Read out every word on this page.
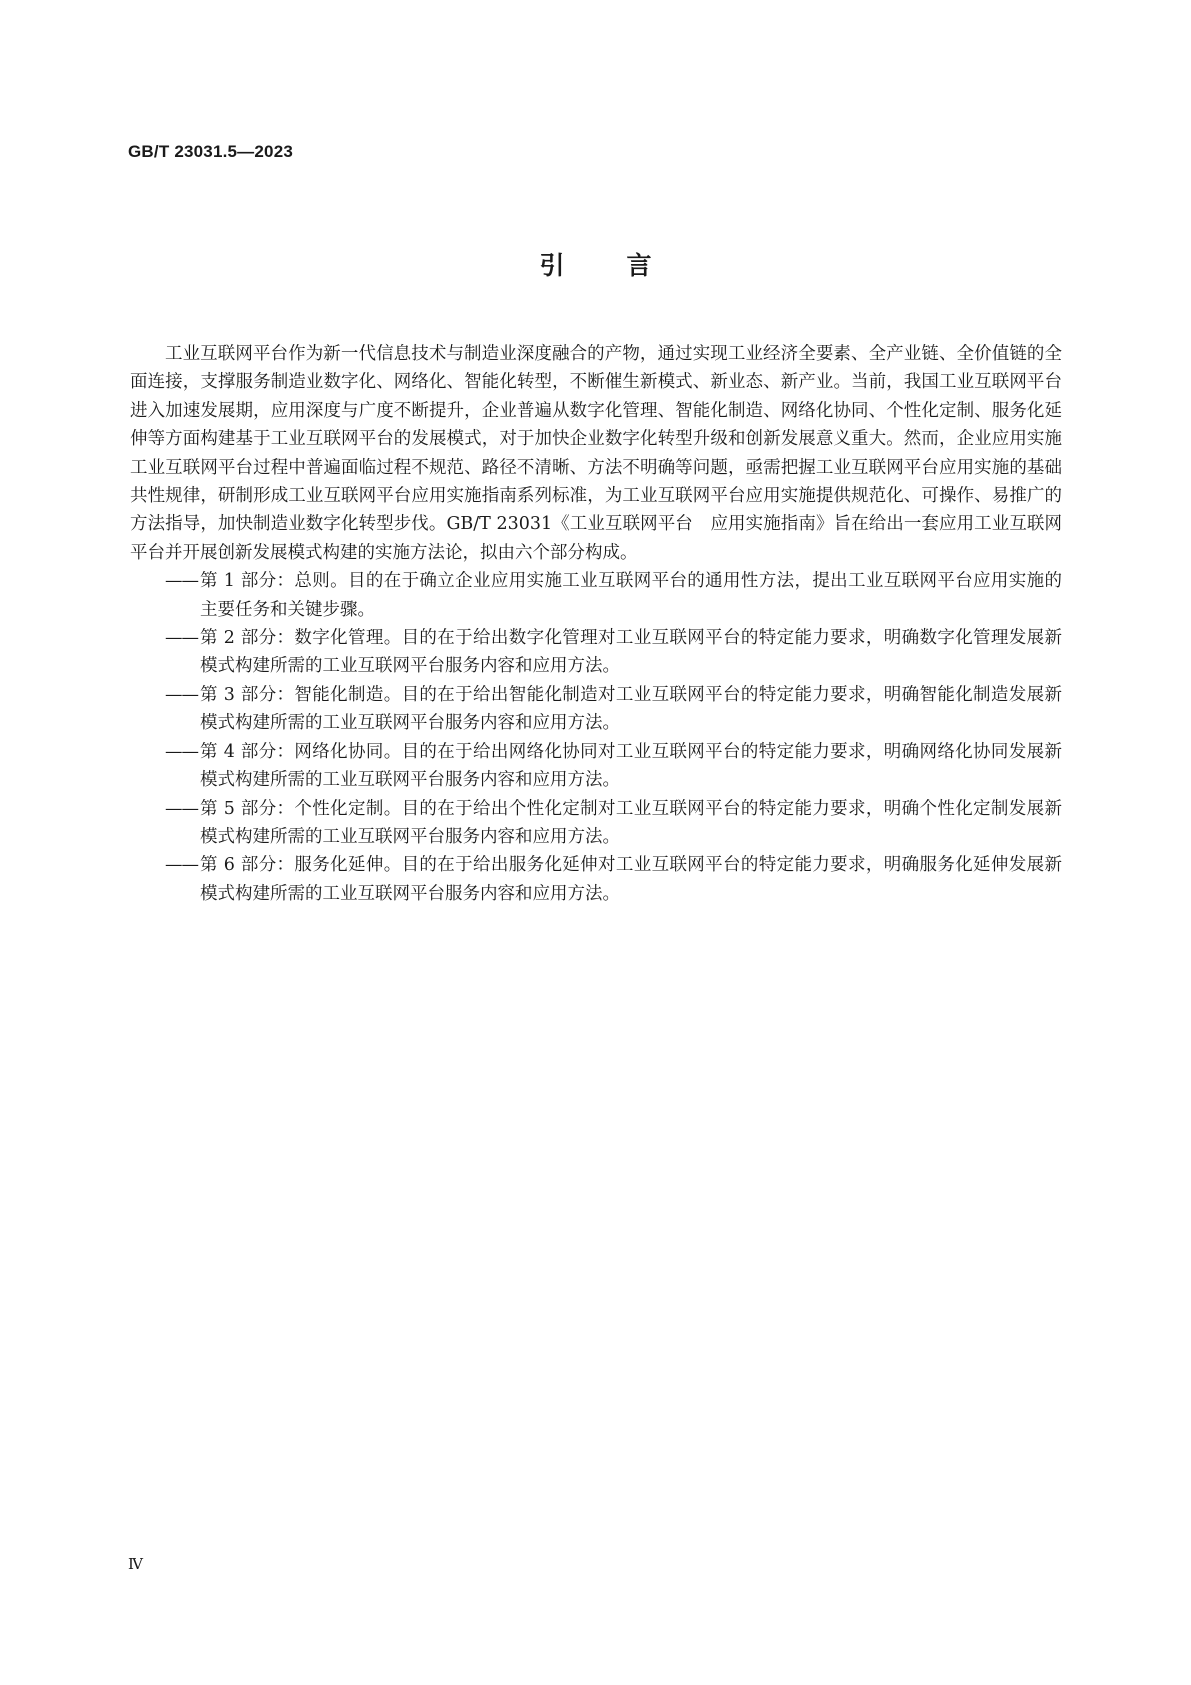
GB/T 23031.5—2023

引言

工业互联网平台作为新一代信息技术与制造业深度融合的产物，通过实现工业经济全要素、全产业链、全价值链的全面连接，支撑服务制造业数字化、网络化、智能化转型，不断催生新模式、新业态、新产业。当前，我国工业互联网平台进入加速发展期，应用深度与广度不断提升，企业普遍从数字化管理、智能化制造、网络化协同、个性化定制、服务化延伸等方面构建基于工业互联网平台的发展模式，对于加快企业数字化转型升级和创新发展意义重大。然而，企业应用实施工业互联网平台过程中普遍面临过程不规范、路径不清晰、方法不明确等问题，亟需把握工业互联网平台应用实施的基础共性规律，研制形成工业互联网平台应用实施指南系列标准，为工业互联网平台应用实施提供规范化、可操作、易推广的方法指导，加快制造业数字化转型步伐。GB/T 23031《工业互联网平台　应用实施指南》旨在给出一套应用工业互联网平台并开展创新发展模式构建的实施方法论，拟由六个部分构成。

—— 第 1 部分：总则。目的在于确立企业应用实施工业互联网平台的通用性方法，提出工业互联网平台应用实施的主要任务和关键步骤。
—— 第 2 部分：数字化管理。目的在于给出数字化管理对工业互联网平台的特定能力要求，明确数字化管理发展新模式构建所需的工业互联网平台服务内容和应用方法。
—— 第 3 部分：智能化制造。目的在于给出智能化制造对工业互联网平台的特定能力要求，明确智能化制造发展新模式构建所需的工业互联网平台服务内容和应用方法。
—— 第 4 部分：网络化协同。目的在于给出网络化协同对工业互联网平台的特定能力要求，明确网络化协同发展新模式构建所需的工业互联网平台服务内容和应用方法。
—— 第 5 部分：个性化定制。目的在于给出个性化定制对工业互联网平台的特定能力要求，明确个性化定制发展新模式构建所需的工业互联网平台服务内容和应用方法。
—— 第 6 部分：服务化延伸。目的在于给出服务化延伸对工业互联网平台的特定能力要求，明确服务化延伸发展新模式构建所需的工业互联网平台服务内容和应用方法。

Ⅳ
